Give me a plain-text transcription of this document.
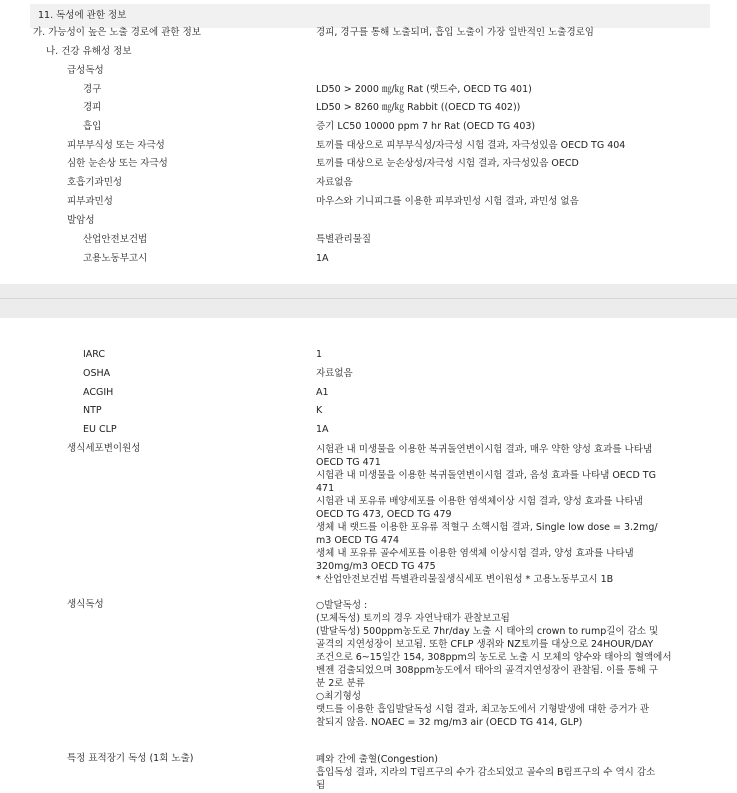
11. 독성에 관한 정보
가. 가능성이 높은 노출 경로에 관한 정보	경피, 경구를 통해 노출되며, 흡입 노출이 가장 일반적인 노출경로임
나. 건강 유해성 정보
급성독성
경구	LD50 > 2000 ㎎/㎏ Rat (랫드수, OECD TG 401)
경피	LD50 > 8260 ㎎/㎏ Rabbit ((OECD TG 402))
흡입	증기 LC50 10000 ppm 7 hr Rat (OECD TG 403)
피부부식성 또는 자극성	토끼를 대상으로 피부부식성/자극성 시험 결과, 자극성있음 OECD TG 404
심한 눈손상 또는 자극성	토끼를 대상으로 눈손상성/자극성 시험 결과, 자극성있음 OECD
호흡기과민성	자료없음
피부과민성	마우스와 기니피그를 이용한 피부과민성 시험 결과, 과민성 없음
발암성
산업안전보건법	특별관리물질
고용노동부고시	1A
IARC	1
OSHA	자료없음
ACGIH	A1
NTP	K
EU CLP	1A
생식세포변이원성	시험관 내 미생물을 이용한 복귀돌연변이시험 결과, 매우 약한 양성 효과를 나타냄
OECD TG 471
시험관 내 미생물을 이용한 복귀돌연변이시험 결과, 음성 효과를 나타냄 OECD TG
471
시험관 내 포유류 배양세포를 이용한 염색체이상 시험 결과, 양성 효과를 나타냄
OECD TG 473, OECD TG 479
생체 내 랫드를 이용한 포유류 적혈구 소핵시험 결과, Single low dose = 3.2mg/
m3 OECD TG 474
생체 내 포유류 골수세포를 이용한 염색체 이상시험 결과, 양성 효과를 나타냄
320mg/m3 OECD TG 475
* 산업안전보건법 특별관리물질생식세포 변이원성 * 고용노동부고시 1B
생식독성	○발달독성 :
(모체독성) 토끼의 경우 자연낙태가 관찰보고됨
(발달독성) 500ppm농도로 7hr/day 노출 시 태아의 crown to rump길이 감소 및
골격의 지연성장이 보고됨. 또한 CFLP 생쥐와 NZ토끼를 대상으로 24HOUR/DAY
조건으로 6~15일간 154, 308ppm의 농도로 노출 시 모체의 양수와 태아의 혈액에서
벤젠 검출되었으며 308ppm농도에서 태아의 골격지연성장이 관찰됨. 이를 통해 구
분 2로 분류
○최기형성
랫드를 이용한 흡입발달독성 시험 결과, 최고농도에서 기형발생에 대한 증거가 관
찰되지 않음. NOAEC = 32 mg/m3 air (OECD TG 414, GLP)
특정 표적장기 독성 (1회 노출)	폐와 간에 출혈(Congestion)
흡입독성 결과, 지라의 T림프구의 수가 감소되었고 골수의 B림프구의 수 역시 감소
됨
